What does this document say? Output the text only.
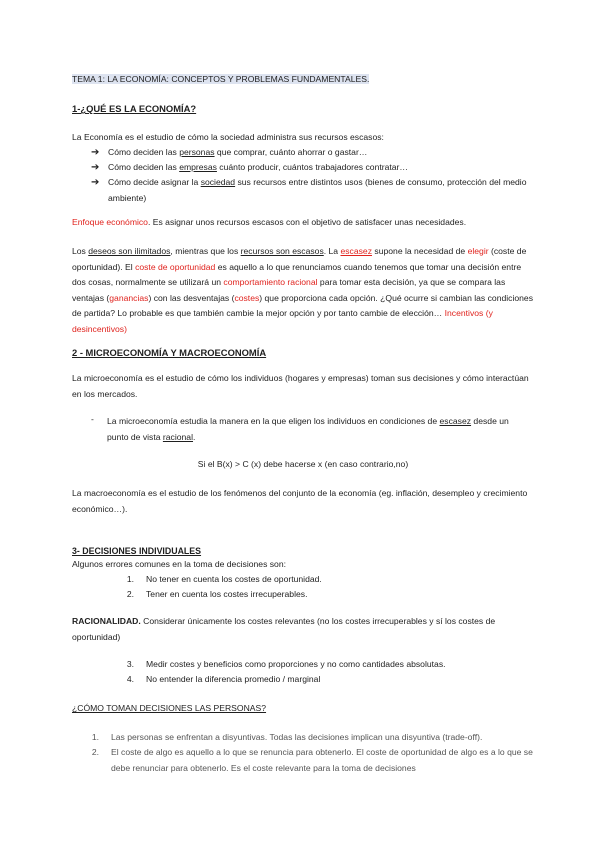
TEMA 1: LA ECONOMÍA: CONCEPTOS Y PROBLEMAS FUNDAMENTALES.
1-¿QUÉ ES LA ECONOMÍA?
La Economía es el estudio de cómo la sociedad administra sus recursos escasos:
➔ Cómo deciden las personas que comprar, cuánto ahorrar o gastar…
➔ Cómo deciden las empresas cuánto producir, cuántos trabajadores contratar…
➔ Cómo decide asignar la sociedad sus recursos entre distintos usos (bienes de consumo, protección del medio ambiente)
Enfoque económico. Es asignar unos recursos escasos con el objetivo de satisfacer unas necesidades.
Los deseos son ilimitados, mientras que los recursos son escasos. La escasez supone la necesidad de elegir (coste de oportunidad). El coste de oportunidad es aquello a lo que renunciamos cuando tenemos que tomar una decisión entre dos cosas, normalmente se utilizará un comportamiento racional para tomar esta decisión, ya que se compara las ventajas (ganancias) con las desventajas (costes) que proporciona cada opción. ¿Qué ocurre si cambian las condiciones de partida? Lo probable es que también cambie la mejor opción y por tanto cambie de elección… Incentivos (y desincentivos)
2 - MICROECONOMÍA Y MACROECONOMÍA
La microeconomía es el estudio de cómo los individuos (hogares y empresas) toman sus decisiones y cómo interactúan en los mercados.
- La microeconomía estudia la manera en la que eligen los individuos en condiciones de escasez desde un punto de vista racional.
Si el B(x) > C (x) debe hacerse x (en caso contrario,no)
La macroeconomía es el estudio de los fenómenos del conjunto de la economía (eg. inflación, desempleo y crecimiento económico…).
3- DECISIONES INDIVIDUALES
Algunos errores comunes en la toma de decisiones son:
1. No tener en cuenta los costes de oportunidad.
2. Tener en cuenta los costes irrecuperables.
RACIONALIDAD. Considerar únicamente los costes relevantes (no los costes irrecuperables y sí los costes de oportunidad)
3. Medir costes y beneficios como proporciones y no como cantidades absolutas.
4. No entender la diferencia promedio / marginal
¿CÓMO TOMAN DECISIONES LAS PERSONAS?
1. Las personas se enfrentan a disyuntivas. Todas las decisiones implican una disyuntiva (trade-off).
2. El coste de algo es aquello a lo que se renuncia para obtenerlo. El coste de oportunidad de algo es a lo que se debe renunciar para obtenerlo. Es el coste relevante para la toma de decisiones
